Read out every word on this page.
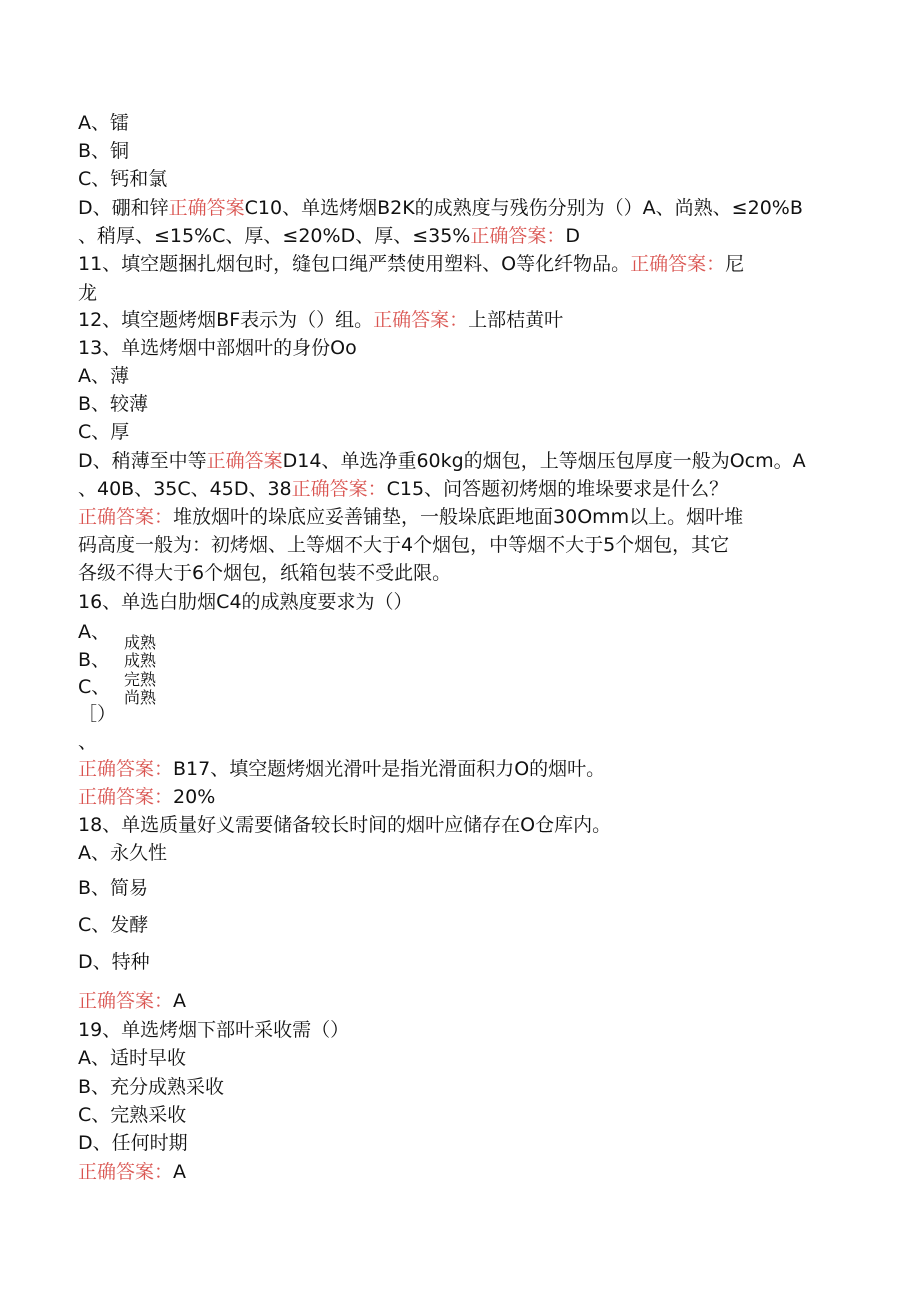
A、镭
B、铜
C、钙和氯
D、硼和锌正确答案C10、单选烤烟B2K的成熟度与残伤分别为（）A、尚熟、≤20%B
、稍厚、≤15%C、厚、≤20%D、厚、≤35%正确答案：D
11、填空题捆扎烟包时，缝包口绳严禁使用塑料、O等化纤物品。正确答案：尼
龙
12、填空题烤烟BF表示为（）组。正确答案：上部桔黄叶
13、单选烤烟中部烟叶的身份Oo
A、薄
B、较薄
C、厚
D、稍薄至中等正确答案D14、单选净重60kg的烟包，上等烟压包厚度一般为Ocm。A
、40B、35C、45D、38正确答案：C15、问答题初烤烟的堆垛要求是什么？
正确答案：堆放烟叶的垛底应妥善铺垫，一般垛底距地面30Omm以上。烟叶堆
码高度一般为：初烤烟、上等烟不大于4个烟包，中等烟不大于5个烟包，其它
各级不得大于6个烟包，纸箱包装不受此限。
16、单选白肋烟C4的成熟度要求为（）
A、
B、
C、
［）
成熟
成熟
完熟
尚熟
、
正确答案：B17、填空题烤烟光滑叶是指光滑面积力O的烟叶。
正确答案：20%
18、单选质量好义需要储备较长时间的烟叶应储存在O仓库内。
A、永久性
B、简易
C、发酵
D、特种
正确答案：A
19、单选烤烟下部叶采收需（）
A、适时早收
B、充分成熟采收
C、完熟采收
D、任何时期
正确答案：A
